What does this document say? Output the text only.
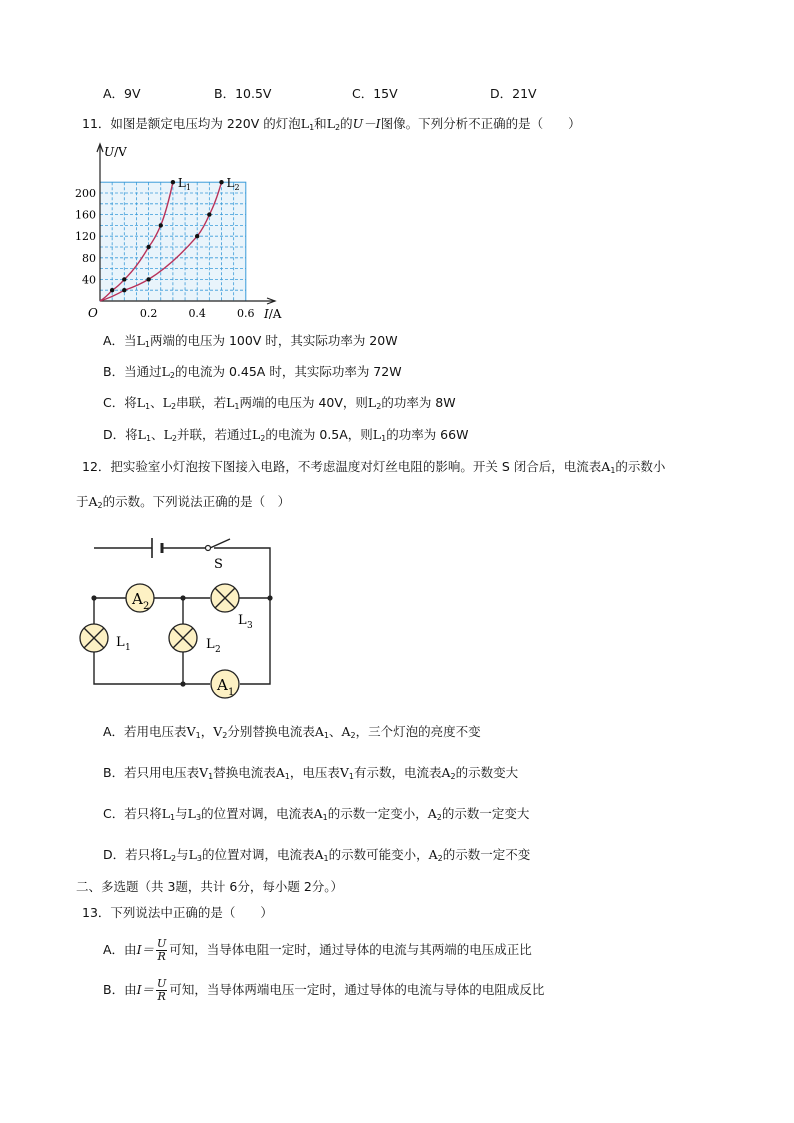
A．9V	B．10.5V	C．15V	D．21V
11．如图是额定电压均为 220V 的灯泡$L_1$和$L_2$的U－I图像。下列分析不正确的是（　　）
U/V
I/A
O
$L_1$	$L_2$
40
80
120
160
200
0.2	0.4	0.6
A．当$L_1$两端的电压为 100V 时，其实际功率为 20W
B．当通过$L_2$的电流为 0.45A 时，其实际功率为 72W
C．将$L_1$、$L_2$串联，若$L_1$两端的电压为 40V，则$L_2$的功率为 8W
D．将$L_1$、$L_2$并联，若通过$L_2$的电流为 0.5A，则$L_1$的功率为 66W
12．把实验室小灯泡按下图接入电路，不考虑温度对灯丝电阻的影响。开关 S 闭合后，电流表$A_1$的示数小
于$A_2$的示数。下列说法正确的是（　）
S
A 2
L 3
L 1	L 2
A 1
A．若用电压表$V_1$，$V_2$分别替换电流表$A_1$、$A_2$，三个灯泡的亮度不变
B．若只用电压表$V_1$替换电流表$A_1$，电压表$V_1$有示数，电流表$A_2$的示数变大
C．若只将$L_1$与$L_3$的位置对调，电流表$A_1$的示数一定变小，$A_2$的示数一定变大
D．若只将$L_2$与$L_3$的位置对调，电流表$A_1$的示数可能变小，$A_2$的示数一定不变
二、多选题（共 3题，共计 6分，每小题 2分。）
13．下列说法中正确的是（　　）
A．由$I= \frac{U}{R}$ 可知，当导体电阻一定时，通过导体的电流与其两端的电压成正比
B．由$I= \frac{U}{R}$ 可知，当导体两端电压一定时，通过导体的电流与导体的电阻成反比
